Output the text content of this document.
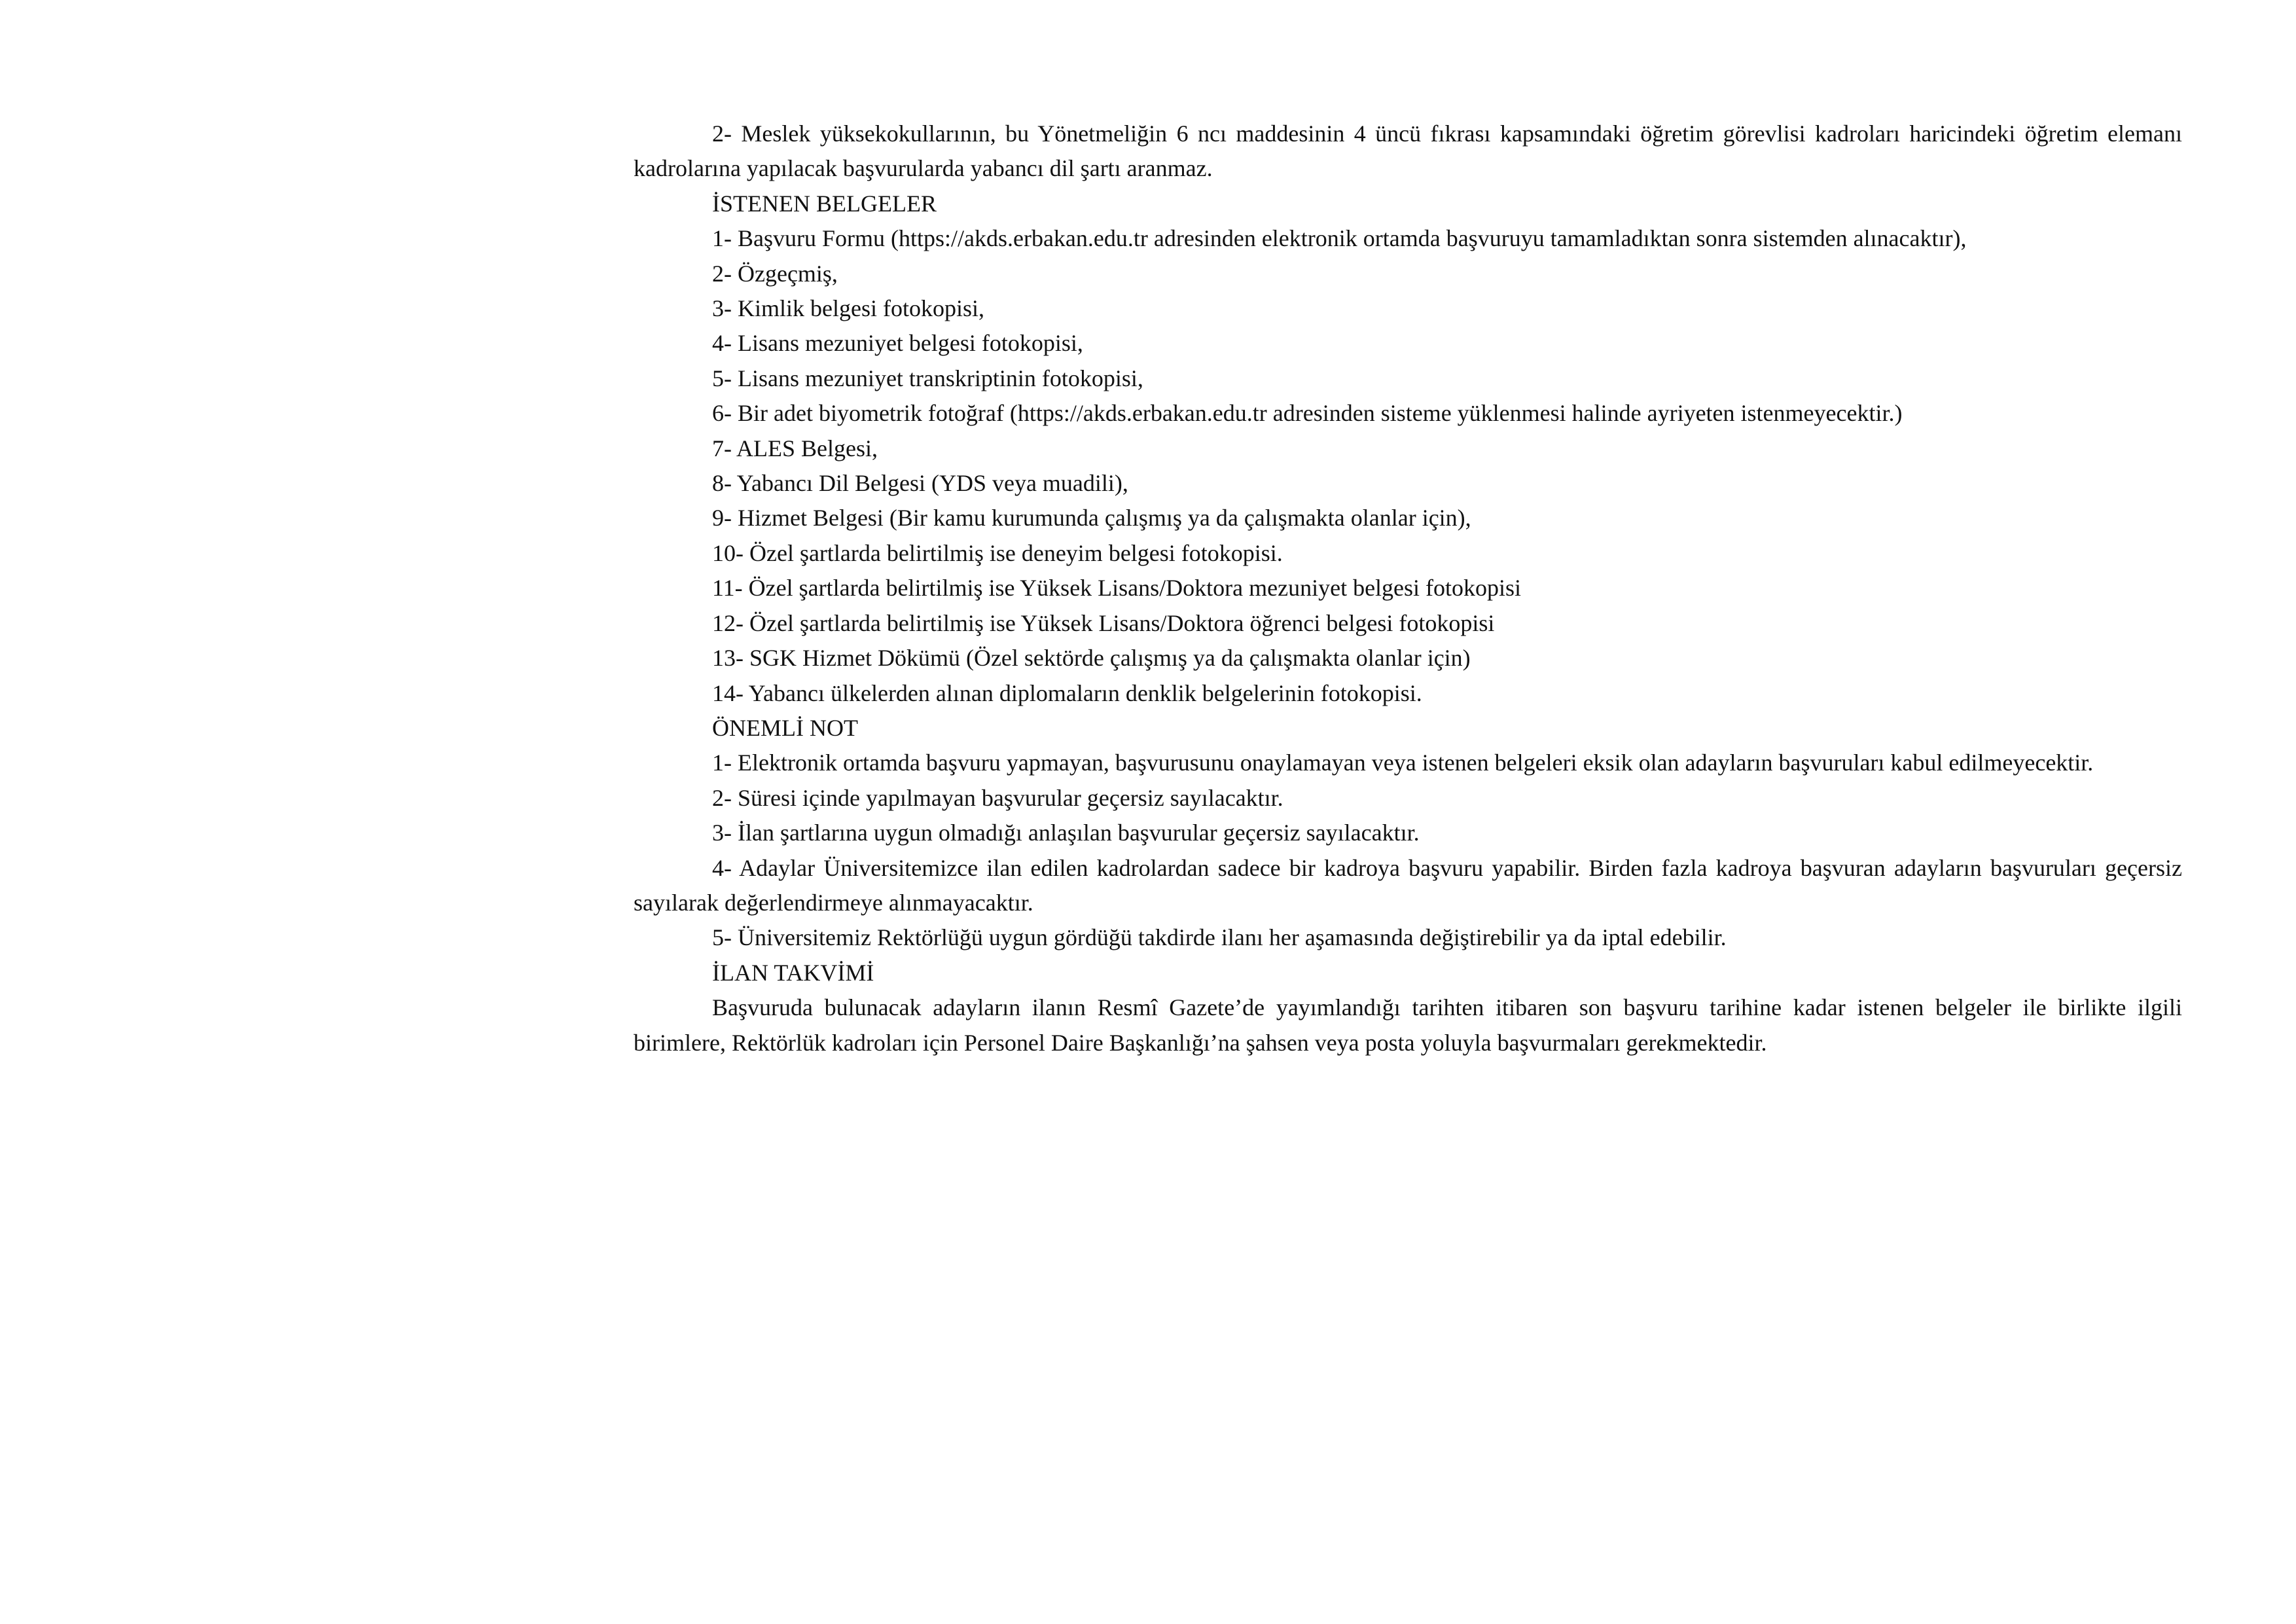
2- Meslek yüksekokullarının, bu Yönetmeliğin 6 ncı maddesinin 4 üncü fıkrası kapsamındaki öğretim görevlisi kadroları haricindeki öğretim elemanı kadrolarına yapılacak başvurularda yabancı dil şartı aranmaz.

İSTENEN BELGELER

1- Başvuru Formu (https://akds.erbakan.edu.tr adresinden elektronik ortamda başvuruyu tamamladıktan sonra sistemden alınacaktır),

2- Özgeçmiş,

3- Kimlik belgesi fotokopisi,

4- Lisans mezuniyet belgesi fotokopisi,

5- Lisans mezuniyet transkriptinin fotokopisi,

6- Bir adet biyometrik fotoğraf (https://akds.erbakan.edu.tr adresinden sisteme yüklenmesi halinde ayriyeten istenmeyecektir.)

7- ALES Belgesi,

8- Yabancı Dil Belgesi (YDS veya muadili),

9- Hizmet Belgesi (Bir kamu kurumunda çalışmış ya da çalışmakta olanlar için),

10- Özel şartlarda belirtilmiş ise deneyim belgesi fotokopisi.

11- Özel şartlarda belirtilmiş ise Yüksek Lisans/Doktora mezuniyet belgesi fotokopisi

12- Özel şartlarda belirtilmiş ise Yüksek Lisans/Doktora öğrenci belgesi fotokopisi

13- SGK Hizmet Dökümü (Özel sektörde çalışmış ya da çalışmakta olanlar için)

14- Yabancı ülkelerden alınan diplomaların denklik belgelerinin fotokopisi.

ÖNEMLİ NOT

1- Elektronik ortamda başvuru yapmayan, başvurusunu onaylamayan veya istenen belgeleri eksik olan adayların başvuruları kabul edilmeyecektir.

2- Süresi içinde yapılmayan başvurular geçersiz sayılacaktır.

3- İlan şartlarına uygun olmadığı anlaşılan başvurular geçersiz sayılacaktır.

4- Adaylar Üniversitemizce ilan edilen kadrolardan sadece bir kadroya başvuru yapabilir. Birden fazla kadroya başvuran adayların başvuruları geçersiz sayılarak değerlendirmeye alınmayacaktır.

5- Üniversitemiz Rektörlüğü uygun gördüğü takdirde ilanı her aşamasında değiştirebilir ya da iptal edebilir.

İLAN TAKVİMİ

Başvuruda bulunacak adayların ilanın Resmî Gazete’de yayımlandığı tarihten itibaren son başvuru tarihine kadar istenen belgeler ile birlikte ilgili birimlere, Rektörlük kadroları için Personel Daire Başkanlığı’na şahsen veya posta yoluyla başvurmaları gerekmektedir.
